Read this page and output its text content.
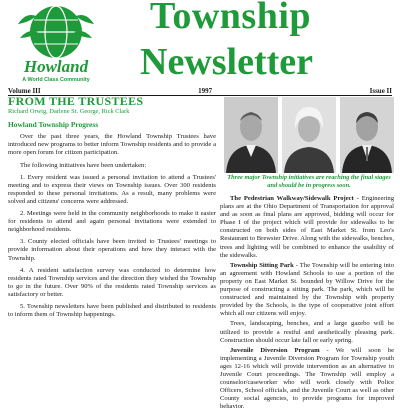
Howland
A World Class Community
Township
Newsletter
Volume III	1997	Issue II
FROM THE TRUSTEES
Richard Orwig, Darlene St. George, Rick Clark
Howland Township Progress

Over the past three years, the Howland Township Trustees have introduced new programs to better inform Township residents and to provide a more open forum for citizen participation.

The following initiatives have been undertaken:

1. Every resident was issued a personal invitation to attend a Trustees' meeting and to express their views on Township issues. Over 300 residents responded to these personal invitations. As a result, many problems were solved and citizens' concerns were addressed.

2. Meetings were held in the community neighborhoods to make it easier for residents to attend and again personal invitations were extended to neighborhood residents.

3. County elected officials have been invited to Trustees' meetings to provide information about their operations and how they interact with the Township.

4. A resident satisfaction survey was conducted to determine how residents rated Township services and the direction they wished the Township to go in the future. Over 90% of the residents rated Township services as satisfactory or better.

5. Township newsletters have been published and distributed to residents to inform them of Township happenings.

Three major Township initiatives are reaching the final stages and should be in progress soon.

The Pedestrian Walkway/Sidewalk Project - Engineering plans are at the Ohio Department of Transportation for approval and as soon as final plans are approved, bidding will occur for Phase I of the project which will provide for sidewalks to be constructed on both sides of East Market St. from Leo's Restaurant to Brewster Drive. Along with the sidewalks, benches, trees and lighting will be combined to enhance the usability of the sidewalks.

Township Sitting Park - The Township will be entering into an agreement with Howland Schools to use a portion of the property on East Market St. bounded by Willow Drive for the purpose of constructing a sitting park. The park, which will be constructed and maintained by the Township with property provided by the Schools, is the type of cooperative joint effort which all our citizens will enjoy.

Trees, landscaping, benches, and a large gazebo will be utilized to provide a restful and aesthetically pleasing park. Construction should occur late fall or early spring.

Juvenile Diversion Program - We will soon be implementing a Juvenile Diversion Program for Township youth ages 12-16 which will provide intervention as an alternative to Juvenile Court proceedings. The Township will employ a counselor/caseworker who will work closely with Police Officers, School officials, and the Juvenile Court as well as other County social agencies, to provide programs for improved behavior.
